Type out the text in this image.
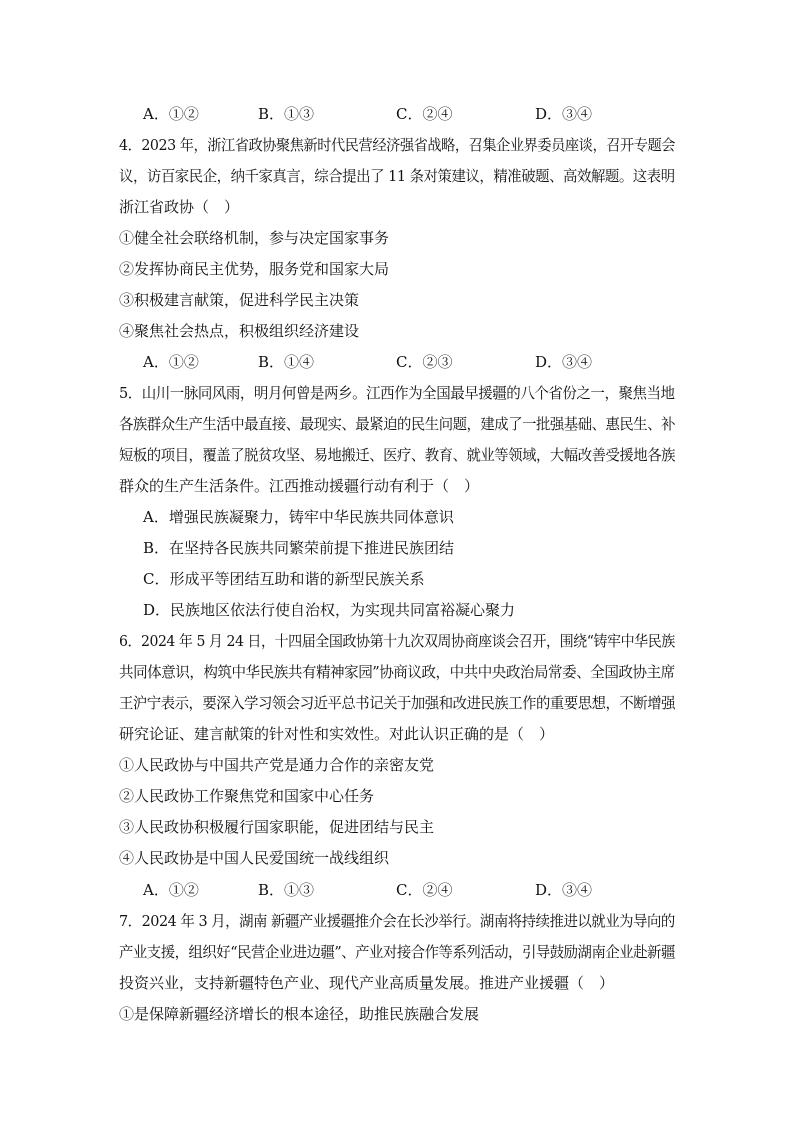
A．①②	B．①③	C．②④	D．③④
4．2023 年，浙江省政协聚焦新时代民营经济强省战略，召集企业界委员座谈，召开专题会
议，访百家民企，纳千家真言，综合提出了 11 条对策建议，精准破题、高效解题。这表明
浙江省政协（　）
①健全社会联络机制，参与决定国家事务
②发挥协商民主优势，服务党和国家大局
③积极建言献策，促进科学民主决策
④聚焦社会热点，积极组织经济建设
A．①②	B．①④	C．②③	D．③④
5．山川一脉同风雨，明月何曾是两乡。江西作为全国最早援疆的八个省份之一，聚焦当地
各族群众生产生活中最直接、最现实、最紧迫的民生问题，建成了一批强基础、惠民生、补
短板的项目，覆盖了脱贫攻坚、易地搬迁、医疗、教育、就业等领域，大幅改善受援地各族
群众的生产生活条件。江西推动援疆行动有利于（　）
A．增强民族凝聚力，铸牢中华民族共同体意识
B．在坚持各民族共同繁荣前提下推进民族团结
C．形成平等团结互助和谐的新型民族关系
D．民族地区依法行使自治权，为实现共同富裕凝心聚力
6．2024 年 5 月 24 日，十四届全国政协第十九次双周协商座谈会召开，围绕“铸牢中华民族
共同体意识，构筑中华民族共有精神家园”协商议政，中共中央政治局常委、全国政协主席
王沪宁表示，要深入学习领会习近平总书记关于加强和改进民族工作的重要思想，不断增强
研究论证、建言献策的针对性和实效性。对此认识正确的是（　）
①人民政协与中国共产党是通力合作的亲密友党
②人民政协工作聚焦党和国家中心任务
③人民政协积极履行国家职能，促进团结与民主
④人民政协是中国人民爱国统一战线组织
A．①②	B．①③	C．②④	D．③④
7．2024 年 3 月，湖南 新疆产业援疆推介会在长沙举行。湖南将持续推进以就业为导向的
产业支援，组织好“民营企业进边疆”、产业对接合作等系列活动，引导鼓励湖南企业赴新疆
投资兴业，支持新疆特色产业、现代产业高质量发展。推进产业援疆（　）
①是保障新疆经济增长的根本途径，助推民族融合发展
